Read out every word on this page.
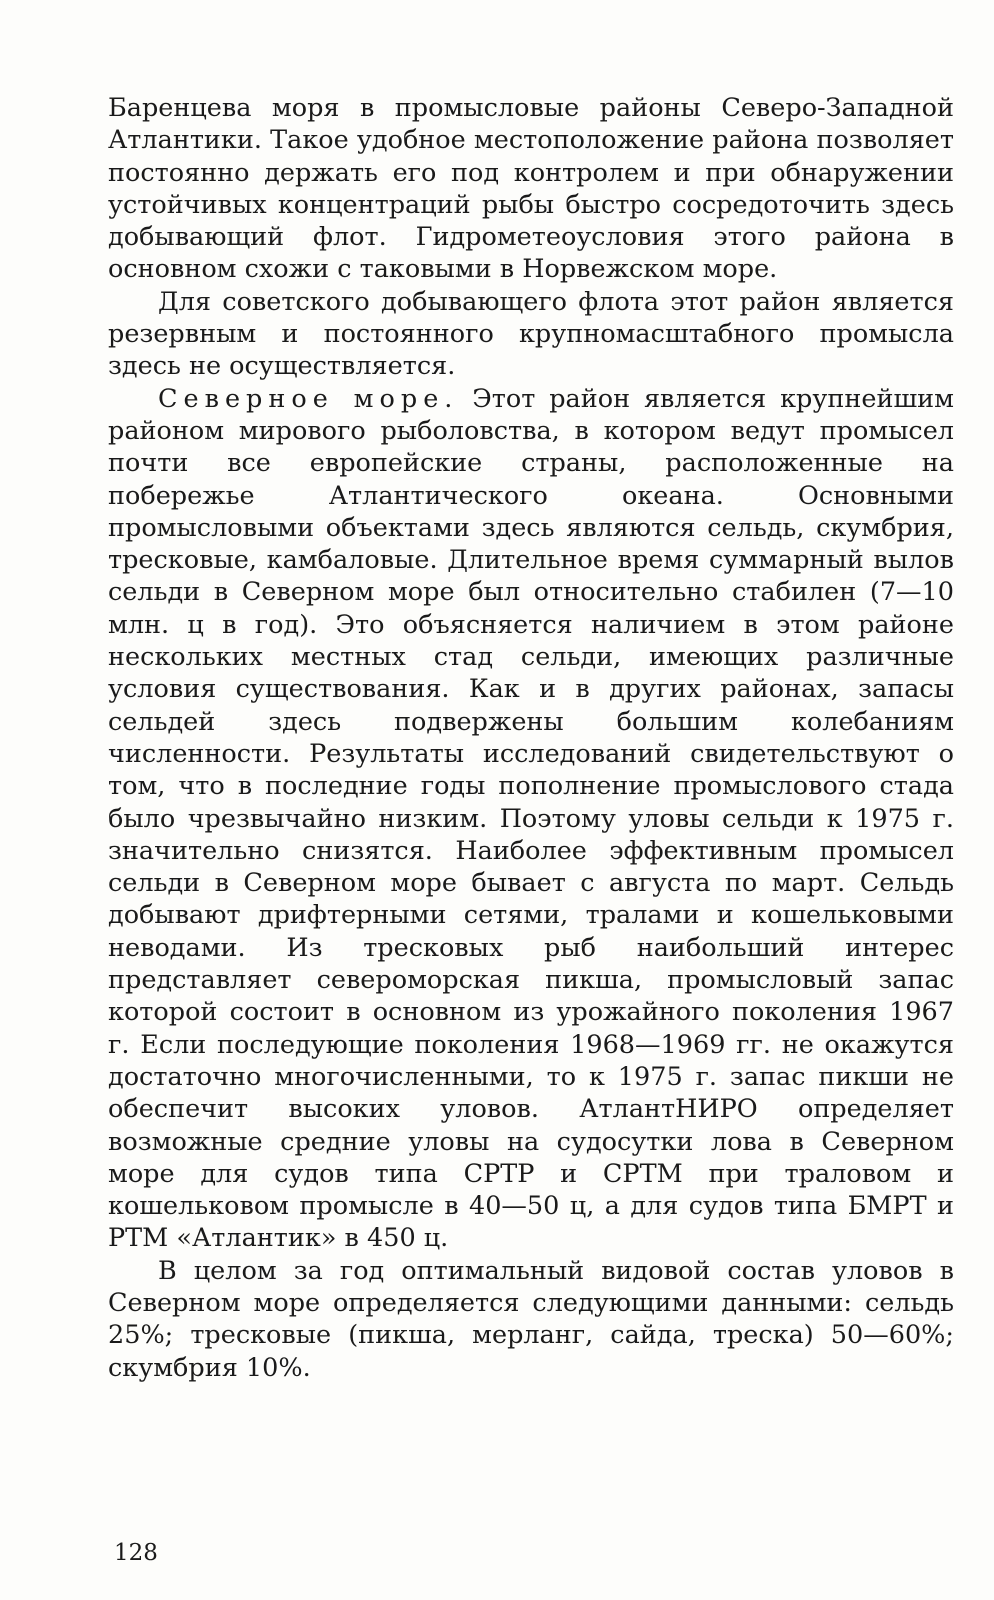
Баренцева моря в промысловые районы Северо-Западной Атлантики. Такое удобное местоположение района позволяет постоянно держать его под контролем и при обнаружении устойчивых концентраций рыбы быстро сосредоточить здесь добывающий флот. Гидрометеоусловия этого района в основном схожи с таковыми в Норвежском море.

Для советского добывающего флота этот район является резервным и постоянного крупномасштабного промысла здесь не осуществляется.

Северное море. Этот район является крупнейшим районом мирового рыболовства, в котором ведут промысел почти все европейские страны, расположенные на побережье Атлантического океана. Основными промысловыми объектами здесь являются сельдь, скумбрия, тресковые, камбаловые. Длительное время суммарный вылов сельди в Северном море был относительно стабилен (7—10 млн. ц в год). Это объясняется наличием в этом районе нескольких местных стад сельди, имеющих различные условия существования. Как и в других районах, запасы сельдей здесь подвержены большим колебаниям численности. Результаты исследований свидетельствуют о том, что в последние годы пополнение промыслового стада было чрезвычайно низким. Поэтому уловы сельди к 1975 г. значительно снизятся. Наиболее эффективным промысел сельди в Северном море бывает с августа по март. Сельдь добывают дрифтерными сетями, тралами и кошельковыми неводами. Из тресковых рыб наибольший интерес представляет североморская пикша, промысловый запас которой состоит в основном из урожайного поколения 1967 г. Если последующие поколения 1968—1969 гг. не окажутся достаточно многочисленными, то к 1975 г. запас пикши не обеспечит высоких уловов. АтлантНИРО определяет возможные средние уловы на судосутки лова в Северном море для судов типа СРТР и СРТМ при траловом и кошельковом промысле в 40—50 ц, а для судов типа БМРТ и РТМ «Атлантик» в 450 ц.

В целом за год оптимальный видовой состав уловов в Северном море определяется следующими данными: сельдь 25%; тресковые (пикша, мерланг, сайда, треска) 50—60%; скумбрия 10%.

128
